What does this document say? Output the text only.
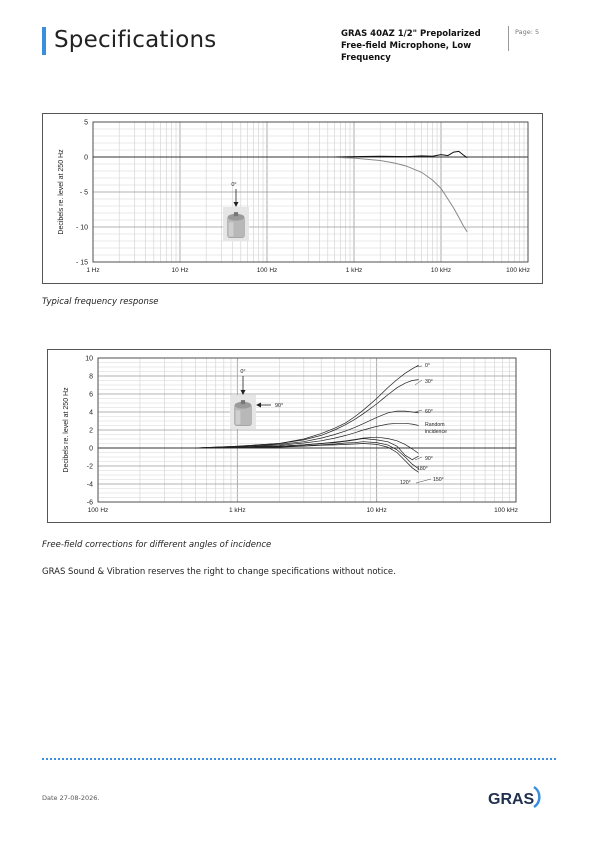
Specifications	GRAS 40AZ 1/2" Prepolarized Free-field Microphone, Low Frequency
Page: 5
5
0
- 5
- 10
- 15
1 Hz	10 Hz	100 Hz	1 kHz	10 kHz	100 kHz
Decibels re. level at 250 Hz	0°
Typical frequency response
10
8
6
4
2
0
-2
-4
-6
100 Hz	1 kHz	10 kHz	100 kHz
Decibels re. level at 250 Hz
0°
30°
60°
Random
incidence
90°
180°
120°	150°
0°
90°
Free-field corrections for different angles of incidence
GRAS Sound & Vibration reserves the right to change specifications without notice.
Date 27-08-2026.	GRAS
